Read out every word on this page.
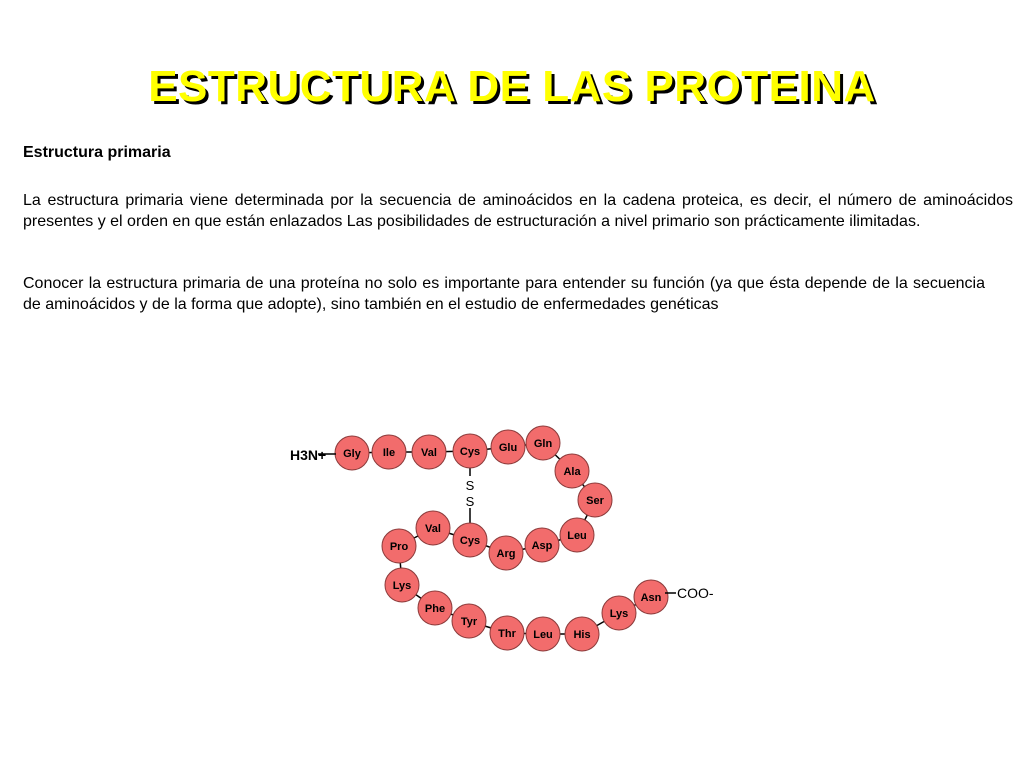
ESTRUCTURA DE LAS PROTEINA

Estructura primaria

La estructura primaria viene determinada por la secuencia de aminoácidos en la cadena proteica, es decir, el número de aminoácidos presentes y el orden en que están enlazados Las posibilidades de estructuración a nivel primario son prácticamente ilimitadas.

Conocer la estructura primaria de una proteína no solo es importante para entender su función (ya que ésta depende de la secuencia de aminoácidos y de la forma que adopte), sino también en el estudio de enfermedades genéticas

S
S
Gly Ile Val Cys Glu Gln
Ala
Ser
Leu
Asp
Arg
Cys
Val
Pro
Lys
Phe
Tyr
Thr Leu His
Lys
Asn
H3N+
COO-
